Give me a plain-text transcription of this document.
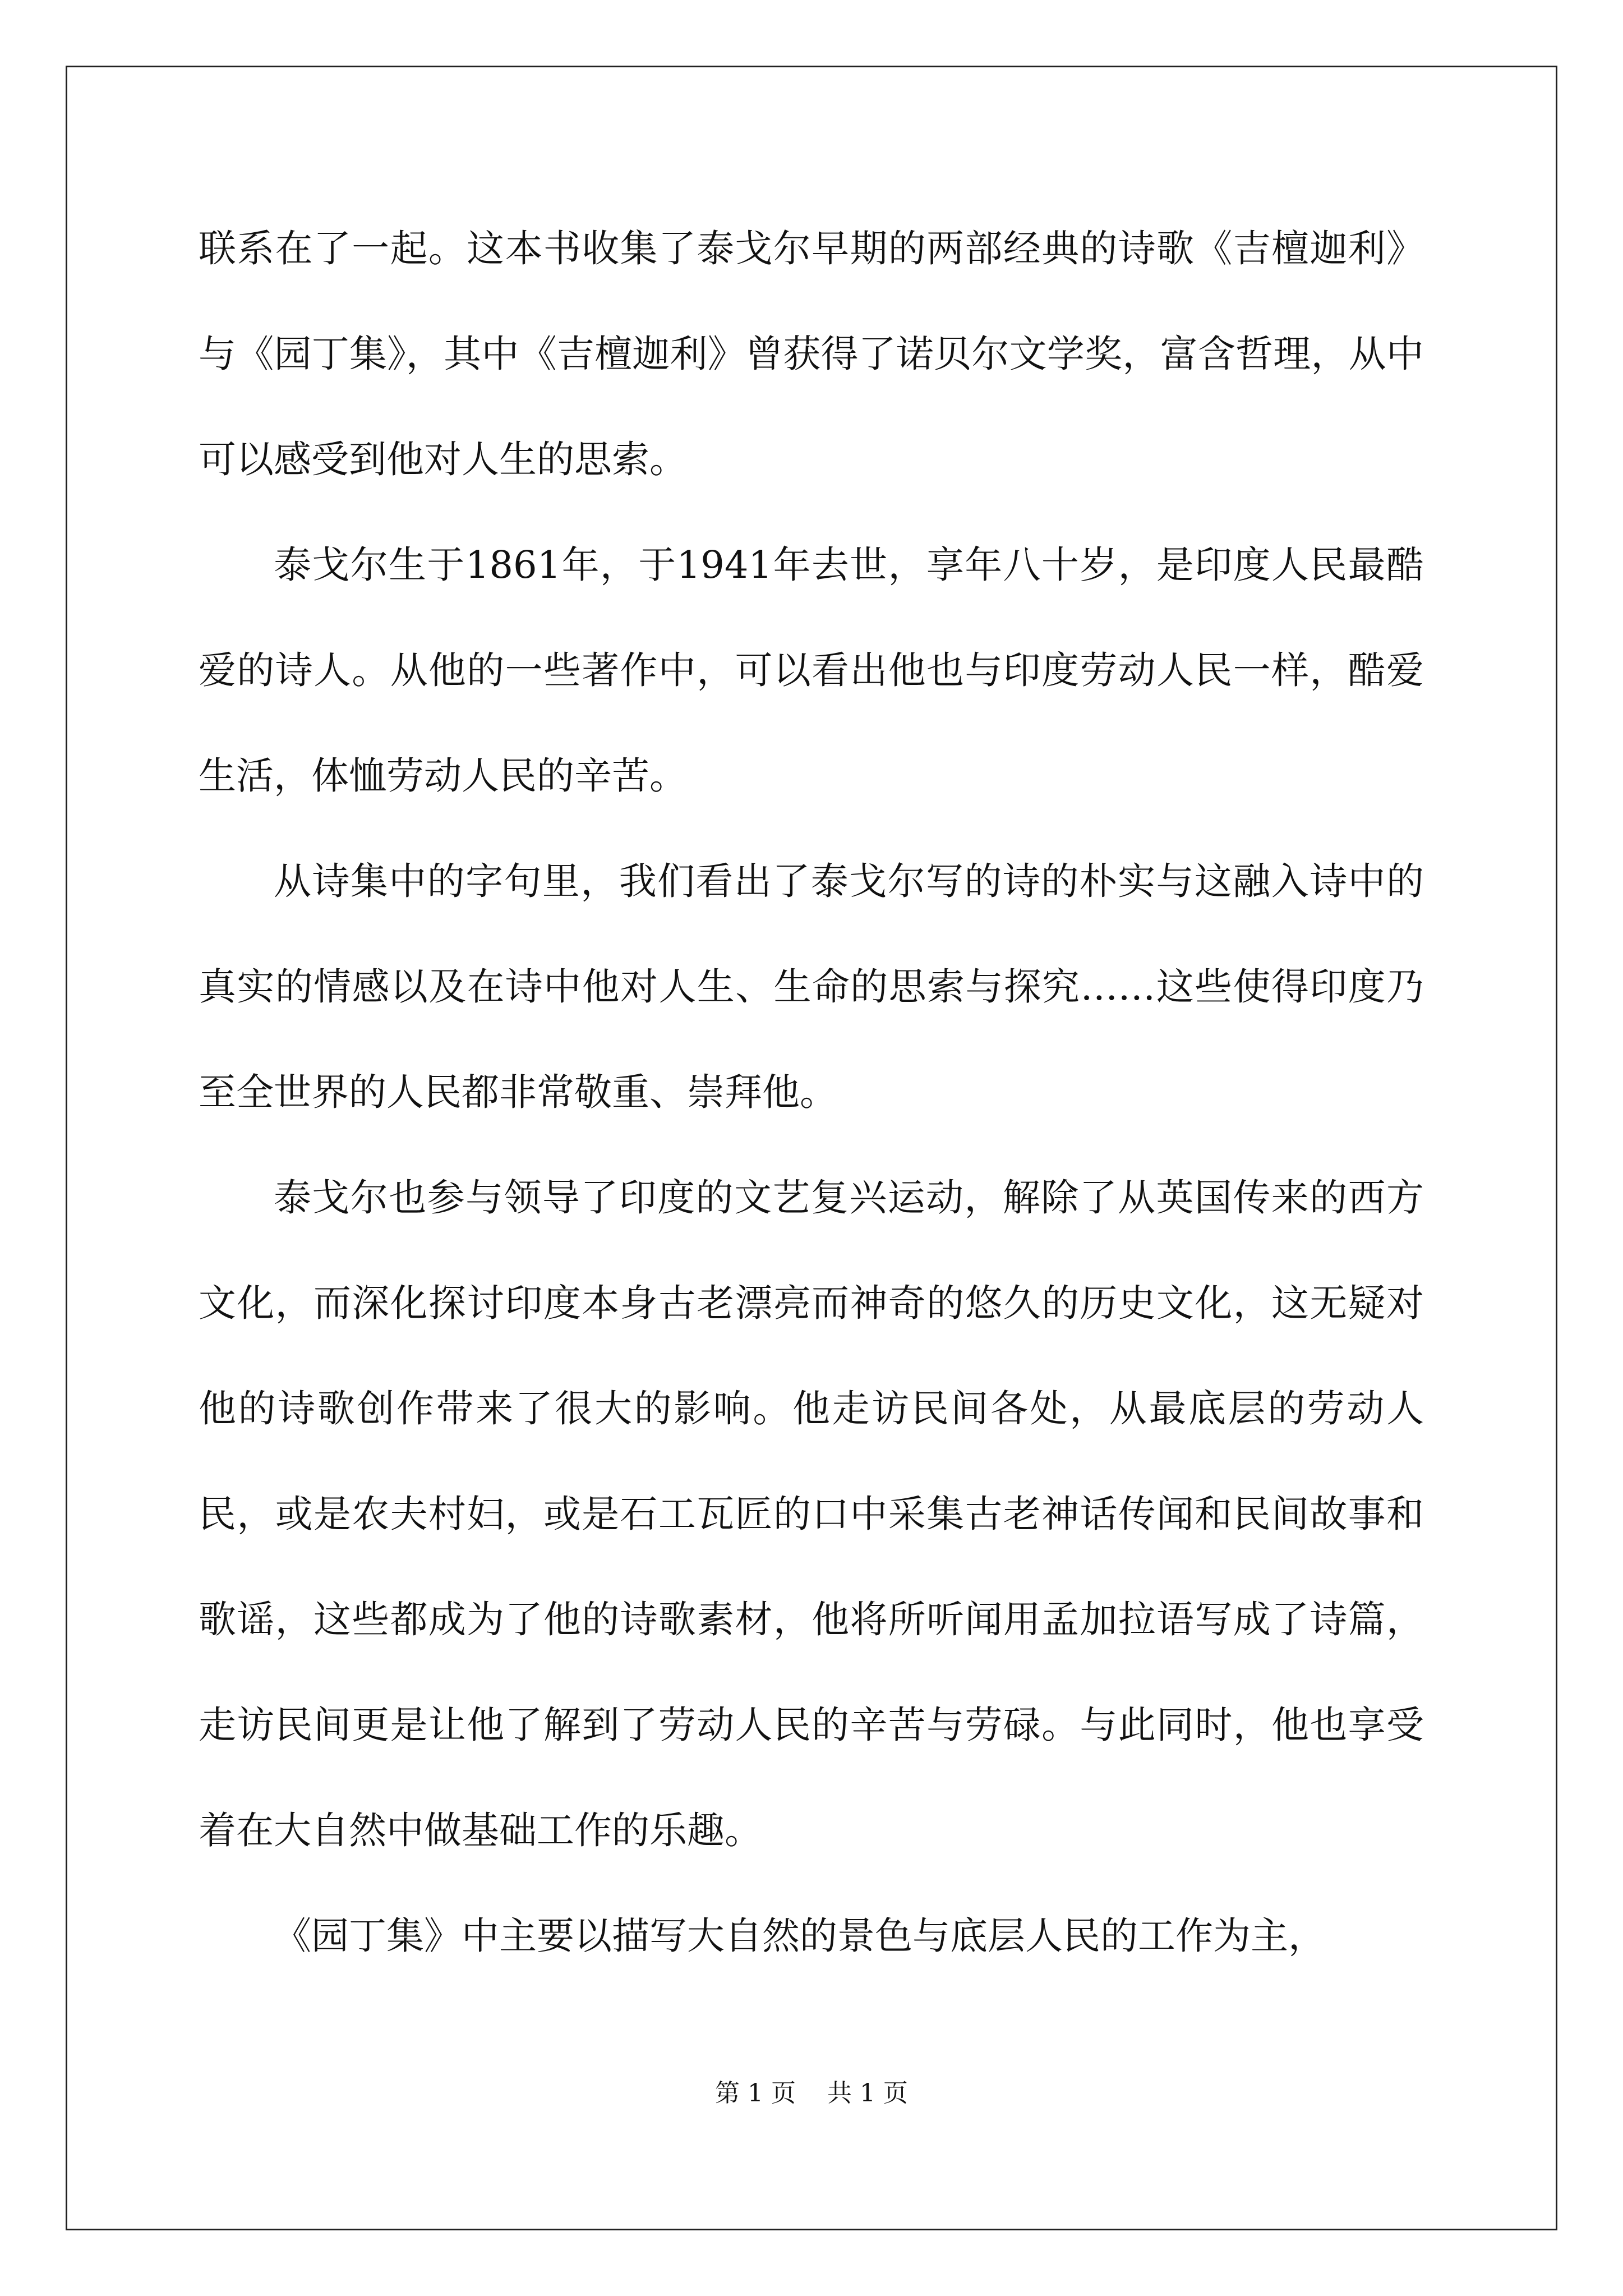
联系在了一起。这本书收集了泰戈尔早期的两部经典的诗歌《吉檀迦利》与《园丁集》，其中《吉檀迦利》曾获得了诺贝尔文学奖，富含哲理，从中可以感受到他对人生的思索。

泰戈尔生于1861年，于1941年去世，享年八十岁，是印度人民最酷爱的诗人。从他的一些著作中，可以看出他也与印度劳动人民一样，酷爱生活，体恤劳动人民的辛苦。

从诗集中的字句里，我们看出了泰戈尔写的诗的朴实与这融入诗中的真实的情感以及在诗中他对人生、生命的思索与探究……这些使得印度乃至全世界的人民都非常敬重、崇拜他。

泰戈尔也参与领导了印度的文艺复兴运动，解除了从英国传来的西方文化，而深化探讨印度本身古老漂亮而神奇的悠久的历史文化，这无疑对他的诗歌创作带来了很大的影响。他走访民间各处，从最底层的劳动人民，或是农夫村妇，或是石工瓦匠的口中采集古老神话传闻和民间故事和歌谣，这些都成为了他的诗歌素材，他将所听闻用孟加拉语写成了诗篇，走访民间更是让他了解到了劳动人民的辛苦与劳碌。与此同时，他也享受着在大自然中做基础工作的乐趣。

《园丁集》中主要以描写大自然的景色与底层人民的工作为主，

第 1 页    共 1 页
